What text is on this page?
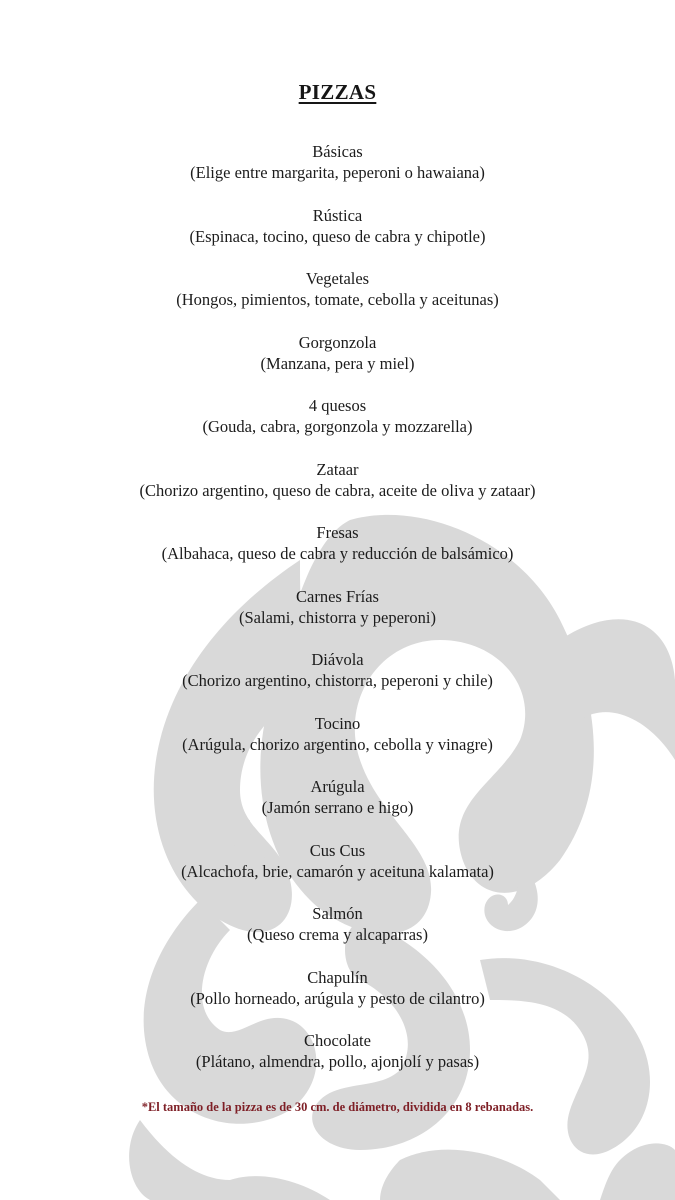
PIZZAS
Básicas
(Elige entre margarita, peperoni o hawaiana)
Rústica
(Espinaca, tocino, queso de cabra y chipotle)
Vegetales
(Hongos, pimientos, tomate, cebolla y aceitunas)
Gorgonzola
(Manzana, pera y miel)
4 quesos
(Gouda, cabra, gorgonzola y mozzarella)
Zataar
(Chorizo argentino, queso de cabra, aceite de oliva y zataar)
Fresas
(Albahaca, queso de cabra y reducción de balsámico)
Carnes Frías
(Salami, chistorra y peperoni)
Diávola
(Chorizo argentino, chistorra, peperoni y chile)
Tocino
(Arúgula, chorizo argentino, cebolla y vinagre)
Arúgula
(Jamón serrano e higo)
Cus Cus
(Alcachofa, brie, camarón y aceituna kalamata)
Salmón
(Queso crema y alcaparras)
Chapulín
(Pollo horneado, arúgula y pesto de cilantro)
Chocolate
(Plátano, almendra, pollo, ajonjolí y pasas)
*El tamaño de la pizza es de 30 cm. de diámetro, dividida en 8 rebanadas.
